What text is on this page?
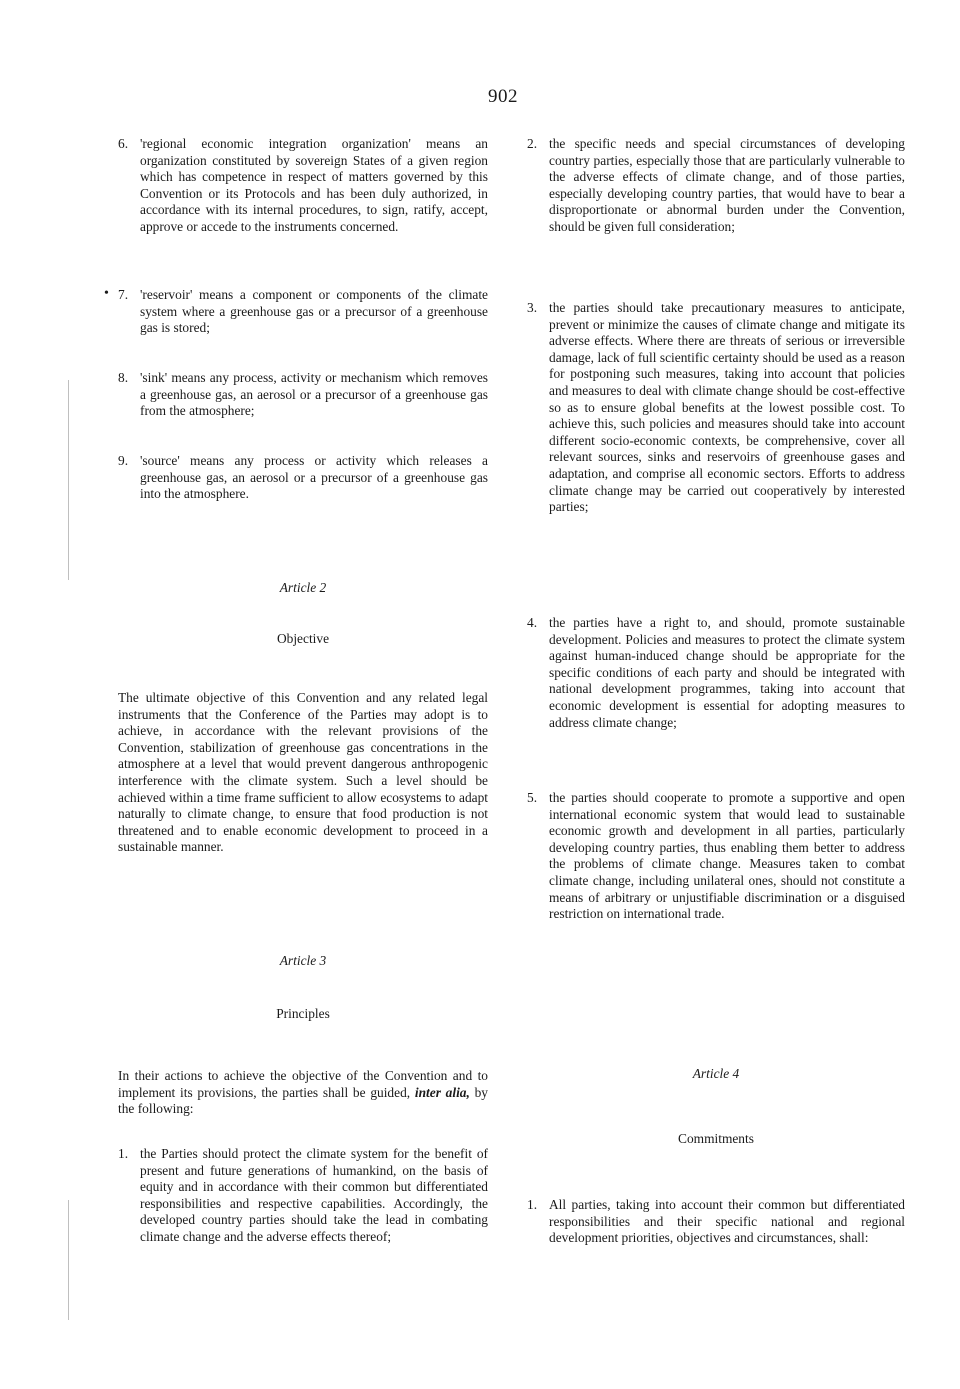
902
•
6. 'regional economic integration organization' means an organization constituted by sovereign States of a given region which has competence in respect of matters governed by this Convention or its Protocols and has been duly authorized, in accordance with its internal procedures, to sign, ratify, accept, approve or accede to the instruments concerned.
7. 'reservoir' means a component or components of the climate system where a greenhouse gas or a precursor of a greenhouse gas is stored;
8. 'sink' means any process, activity or mechanism which removes a greenhouse gas, an aerosol or a precursor of a greenhouse gas from the atmosphere;
9. 'source' means any process or activity which releases a greenhouse gas, an aerosol or a precursor of a greenhouse gas into the atmosphere.
Article 2
Objective
The ultimate objective of this Convention and any related legal instruments that the Conference of the Parties may adopt is to achieve, in accordance with the relevant provisions of the Convention, stabilization of greenhouse gas concentrations in the atmosphere at a level that would prevent dangerous anthropogenic interference with the climate system. Such a level should be achieved within a time frame sufficient to allow ecosystems to adapt naturally to climate change, to ensure that food production is not threatened and to enable economic development to proceed in a sustainable manner.
Article 3
Principles
In their actions to achieve the objective of the Convention and to implement its provisions, the parties shall be guided, inter alia, by the following:
1. the Parties should protect the climate system for the benefit of present and future generations of humankind, on the basis of equity and in accordance with their common but differentiated responsibilities and respective capabilities. Accordingly, the developed country parties should take the lead in combating climate change and the adverse effects thereof;
2. the specific needs and special circumstances of developing country parties, especially those that are particularly vulnerable to the adverse effects of climate change, and of those parties, especially developing country parties, that would have to bear a disproportionate or abnormal burden under the Convention, should be given full consideration;
3. the parties should take precautionary measures to anticipate, prevent or minimize the causes of climate change and mitigate its adverse effects. Where there are threats of serious or irreversible damage, lack of full scientific certainty should be used as a reason for postponing such measures, taking into account that policies and measures to deal with climate change should be cost-effective so as to ensure global benefits at the lowest possible cost. To achieve this, such policies and measures should take into account different socio-economic contexts, be comprehensive, cover all relevant sources, sinks and reservoirs of greenhouse gases and adaptation, and comprise all economic sectors. Efforts to address climate change may be carried out cooperatively by interested parties;
4. the parties have a right to, and should, promote sustainable development. Policies and measures to protect the climate system against human-induced change should be appropriate for the specific conditions of each party and should be integrated with national development programmes, taking into account that economic development is essential for adopting measures to address climate change;
5. the parties should cooperate to promote a supportive and open international economic system that would lead to sustainable economic growth and development in all parties, particularly developing country parties, thus enabling them better to address the problems of climate change. Measures taken to combat climate change, including unilateral ones, should not constitute a means of arbitrary or unjustifiable discrimination or a disguised restriction on international trade.
Article 4
Commitments
1. All parties, taking into account their common but differentiated responsibilities and their specific national and regional development priorities, objectives and circumstances, shall:
